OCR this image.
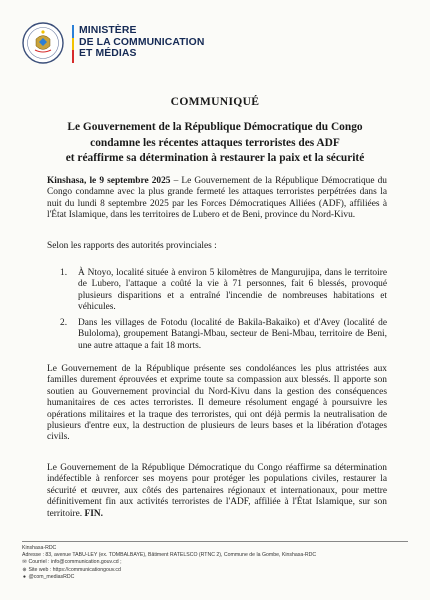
MINISTÈRE
DE LA COMMUNICATION
ET MÉDIAS
COMMUNIQUÉ
Le Gouvernement de la République Démocratique du Congo
condamne les récentes attaques terroristes des ADF
et réaffirme sa détermination à restaurer la paix et la sécurité
Kinshasa, le 9 septembre 2025 – Le Gouvernement de la République Démocratique du Congo condamne avec la plus grande fermeté les attaques terroristes perpétrées dans la nuit du lundi 8 septembre 2025 par les Forces Démocratiques Alliées (ADF), affiliées à l'État Islamique, dans les territoires de Lubero et de Beni, province du Nord-Kivu.
Selon les rapports des autorités provinciales :
1. À Ntoyo, localité située à environ 5 kilomètres de Mangurujipa, dans le territoire de Lubero, l'attaque a coûté la vie à 71 personnes, fait 6 blessés, provoqué plusieurs disparitions et a entraîné l'incendie de nombreuses habitations et véhicules.
2. Dans les villages de Fotodu (localité de Bakila-Bakaiko) et d'Avey (localité de Buloloma), groupement Batangi-Mbau, secteur de Beni-Mbau, territoire de Beni, une autre attaque a fait 18 morts.
Le Gouvernement de la République présente ses condoléances les plus attristées aux familles durement éprouvées et exprime toute sa compassion aux blessés. Il apporte son soutien au Gouvernement provincial du Nord-Kivu dans la gestion des conséquences humanitaires de ces actes terroristes. Il demeure résolument engagé à poursuivre les opérations militaires et la traque des terroristes, qui ont déjà permis la neutralisation de plusieurs d'entre eux, la destruction de plusieurs de leurs bases et la libération d'otages civils.
Le Gouvernement de la République Démocratique du Congo réaffirme sa détermination indéfectible à renforcer ses moyens pour protéger les populations civiles, restaurer la sécurité et œuvrer, aux côtés des partenaires régionaux et internationaux, pour mettre définitivement fin aux activités terroristes de l'ADF, affiliée à l'État Islamique, sur son territoire. FIN.
Kinshasa-RDC
Adresse : 83, avenue TABU-LEY (ex. TOMBALBAYE), Bâtiment RATELSCO (RTNC 2), Commune de la Gombe, Kinshasa-RDC
✉ Courriel : info@communication.gouv.cd ;
⊕ Site web : https://communicationgouv.cd
● @com_mediasRDC
